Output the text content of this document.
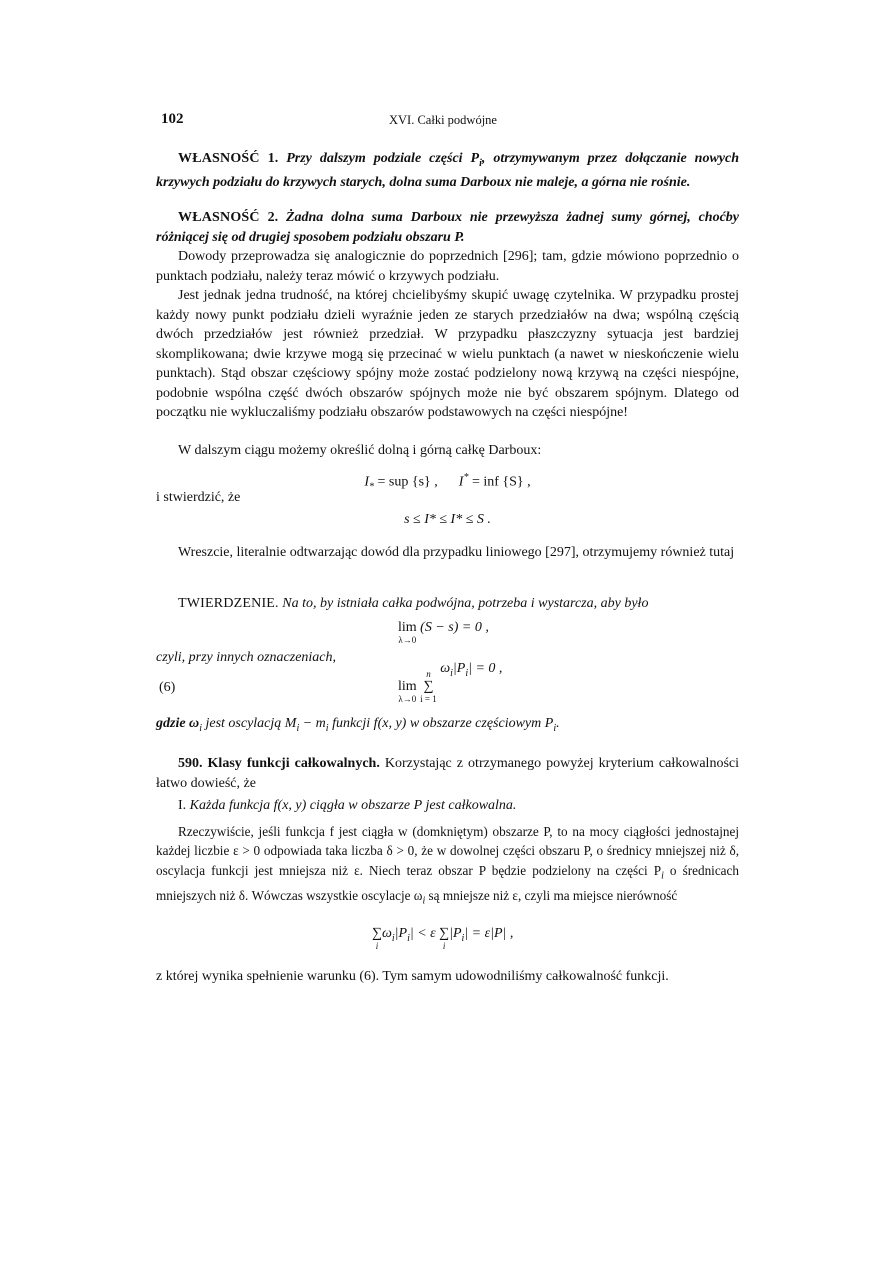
102	XVI. Całki podwójne
WŁASNOŚĆ 1. Przy dalszym podziale części $P_i$, otrzymywanym przez dołączanie nowych krzywych podziału do krzywych starych, dolna suma Darboux nie maleje, a górna nie rośnie.
WŁASNOŚĆ 2. Żadna dolna suma Darboux nie przewyższa żadnej sumy górnej, choćby różniącej się od drugiej sposobem podziału obszaru P.
Dowody przeprowadza się analogicznie do poprzednich [296]; tam, gdzie mówiono poprzednio o punktach podziału, należy teraz mówić o krzywych podziału.
Jest jednak jedna trudność, na której chcielibyśmy skupić uwagę czytelnika. W przypadku prostej każdy nowy punkt podziału dzieli wyraźnie jeden ze starych przedziałów na dwa; wspólną częścią dwóch przedziałów jest również przedział. W przypadku płaszczyzny sytuacja jest bardziej skomplikowana; dwie krzywe mogą się przecinać w wielu punktach (a nawet w nieskończenie wielu punktach). Stąd obszar częściowy spójny może zostać podzielony nową krzywą na części niespójne, podobnie wspólna część dwóch obszarów spójnych może nie być obszarem spójnym. Dlatego od początku nie wykluczaliśmy podziału obszarów podstawowych na części niespójne!
W dalszym ciągu możemy określić dolną i górną całkę Darboux:
$I_*$ = sup {s} , I* = inf {S} ,
i stwierdzić, że
s ≤ I* ≤ I* ≤ S .
Wreszcie, literalnie odtwarzając dowód dla przypadku liniowego [297], otrzymujemy również tutaj
TWIERDZENIE. Na to, by istniała całka podwójna, potrzeba i wystarcza, aby było
lim
λ→0
(S − s) = 0 ,
czyli, przy innych oznaczeniach,
(6)	lim
λ→0

n
∑
i = 1
$\omega_i|P_i| = 0$ ,
gdzie $\omega_i$ jest oscylacją $M_i - m_i$ funkcji f(x, y) w obszarze częściowym $P_i$.
590. Klasy funkcji całkowalnych. Korzystając z otrzymanego powyżej kryterium całkowalności łatwo dowieść, że
I. Każda funkcja f(x, y) ciągła w obszarze P jest całkowalna.
Rzeczywiście, jeśli funkcja f jest ciągła w (domkniętym) obszarze P, to na mocy ciągłości jednostajnej każdej liczbie ε > 0 odpowiada taka liczba δ > 0, że w dowolnej części obszaru P, o średnicy mniejszej niż δ, oscylacja funkcji jest mniejsza niż ε. Niech teraz obszar P będzie podzielony na części $P_i$ o średnicach mniejszych niż δ. Wówczas wszystkie oscylacje $\omega_i$ są mniejsze niż ε, czyli ma miejsce nierówność
∑
i
$\omega_i|P_i| < \varepsilon$ ∑
i
$|P_i| = \varepsilon|P|$ ,
z której wynika spełnienie warunku (6). Tym samym udowodniliśmy całkowalność funkcji.
